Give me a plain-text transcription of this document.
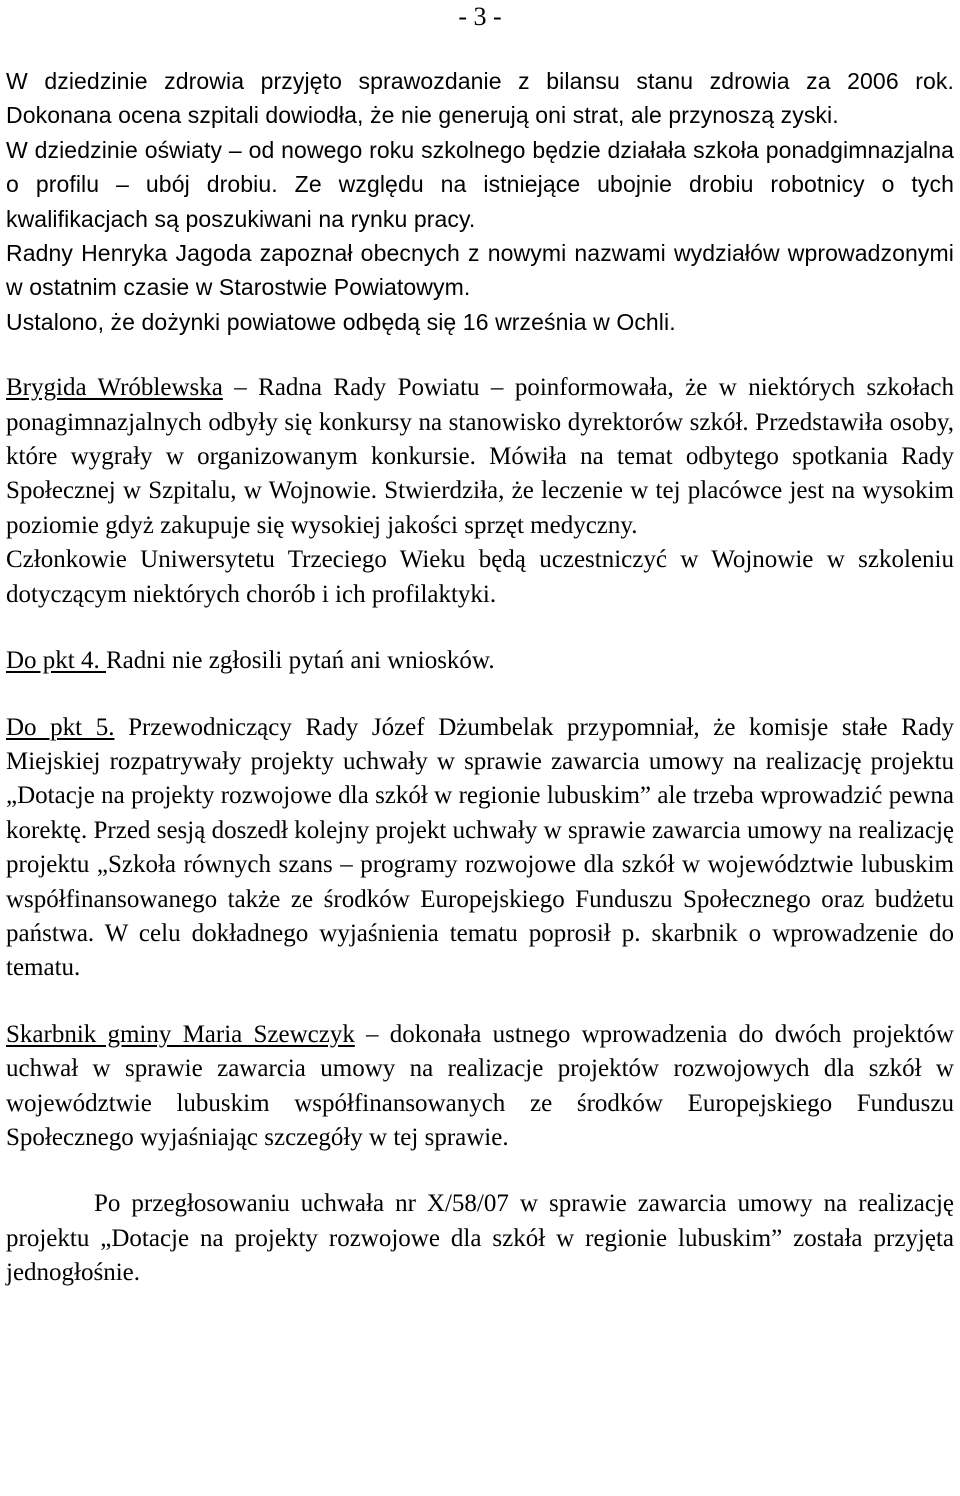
- 3 -

W dziedzinie zdrowia przyjęto sprawozdanie z bilansu stanu zdrowia za 2006 rok. Dokonana ocena szpitali dowiodła, że nie generują oni strat, ale przynoszą zyski.

W dziedzinie oświaty – od nowego roku szkolnego będzie działała szkoła ponadgimnazjalna o profilu – ubój drobiu. Ze względu na istniejące ubojnie drobiu robotnicy o tych kwalifikacjach są poszukiwani na rynku pracy.

Radny Henryka Jagoda zapoznał obecnych z nowymi nazwami wydziałów wprowadzonymi w ostatnim czasie w Starostwie Powiatowym.

Ustalono, że dożynki powiatowe odbędą się 16 września w Ochli.

Brygida Wróblewska – Radna Rady Powiatu – poinformowała, że w niektórych szkołach ponagimnazjalnych odbyły się konkursy na stanowisko dyrektorów szkół. Przedstawiła osoby, które wygrały w organizowanym konkursie. Mówiła na temat odbytego spotkania Rady Społecznej w Szpitalu, w Wojnowie. Stwierdziła, że leczenie w tej placówce jest na wysokim poziomie gdyż zakupuje się wysokiej jakości sprzęt medyczny.

Członkowie Uniwersytetu Trzeciego Wieku będą uczestniczyć w Wojnowie w szkoleniu dotyczącym niektórych chorób i ich profilaktyki.

Do pkt 4. Radni nie zgłosili pytań ani wniosków.

Do pkt 5. Przewodniczący Rady Józef Dżumbelak przypomniał, że komisje stałe Rady Miejskiej rozpatrywały projekty uchwały w sprawie zawarcia umowy na realizację projektu „Dotacje na projekty rozwojowe dla szkół w regionie lubuskim” ale trzeba wprowadzić pewna korektę. Przed sesją doszedł kolejny projekt uchwały w sprawie zawarcia umowy na realizację projektu „Szkoła równych szans – programy rozwojowe dla szkół w województwie lubuskim współfinansowanego także ze środków Europejskiego Funduszu Społecznego oraz budżetu państwa. W celu dokładnego wyjaśnienia tematu poprosił p. skarbnik o wprowadzenie do tematu.

Skarbnik gminy Maria Szewczyk – dokonała ustnego wprowadzenia do dwóch projektów uchwał w sprawie zawarcia umowy na realizacje projektów rozwojowych dla szkół w województwie lubuskim współfinansowanych ze środków Europejskiego Funduszu Społecznego wyjaśniając szczegóły w tej sprawie.

Po przegłosowaniu uchwała nr X/58/07 w sprawie zawarcia umowy na realizację projektu „Dotacje na projekty rozwojowe dla szkół w regionie lubuskim” została przyjęta jednogłośnie.
